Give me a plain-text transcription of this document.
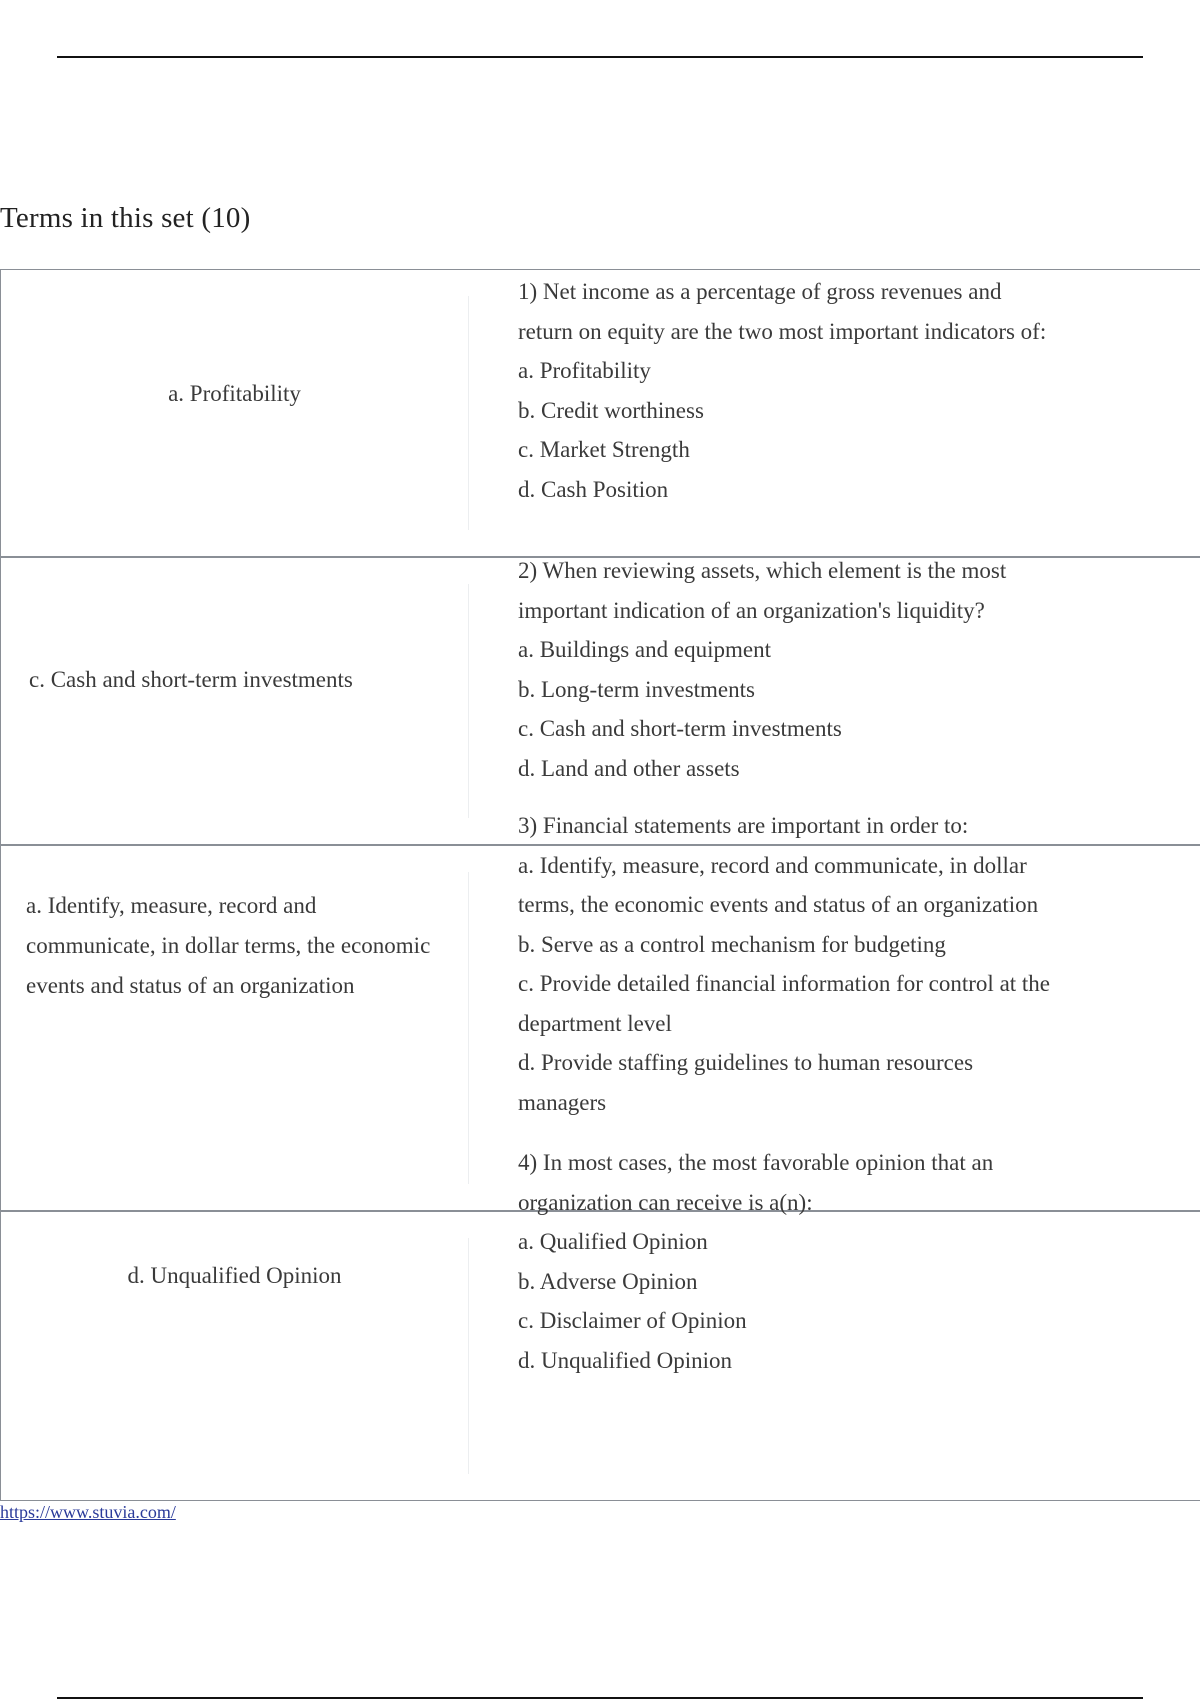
Terms in this set (10)
a. Profitability
1) Net income as a percentage of gross revenues and
return on equity are the two most important indicators of:
a. Profitability
b. Credit worthiness
c. Market Strength
d. Cash Position
c. Cash and short-term investments
2) When reviewing assets, which element is the most
important indication of an organization's liquidity?
a. Buildings and equipment
b. Long-term investments
c. Cash and short-term investments
d. Land and other assets
a. Identify, measure, record and communicate, in dollar terms, the economic events and status of an organization
3) Financial statements are important in order to:
a. Identify, measure, record and communicate, in dollar
terms, the economic events and status of an organization
b. Serve as a control mechanism for budgeting
c. Provide detailed financial information for control at the
department level
d. Provide staffing guidelines to human resources
managers
d. Unqualified Opinion
4) In most cases, the most favorable opinion that an
organization can receive is a(n):
a. Qualified Opinion
b. Adverse Opinion
c. Disclaimer of Opinion
d. Unqualified Opinion
https://www.stuvia.com/
